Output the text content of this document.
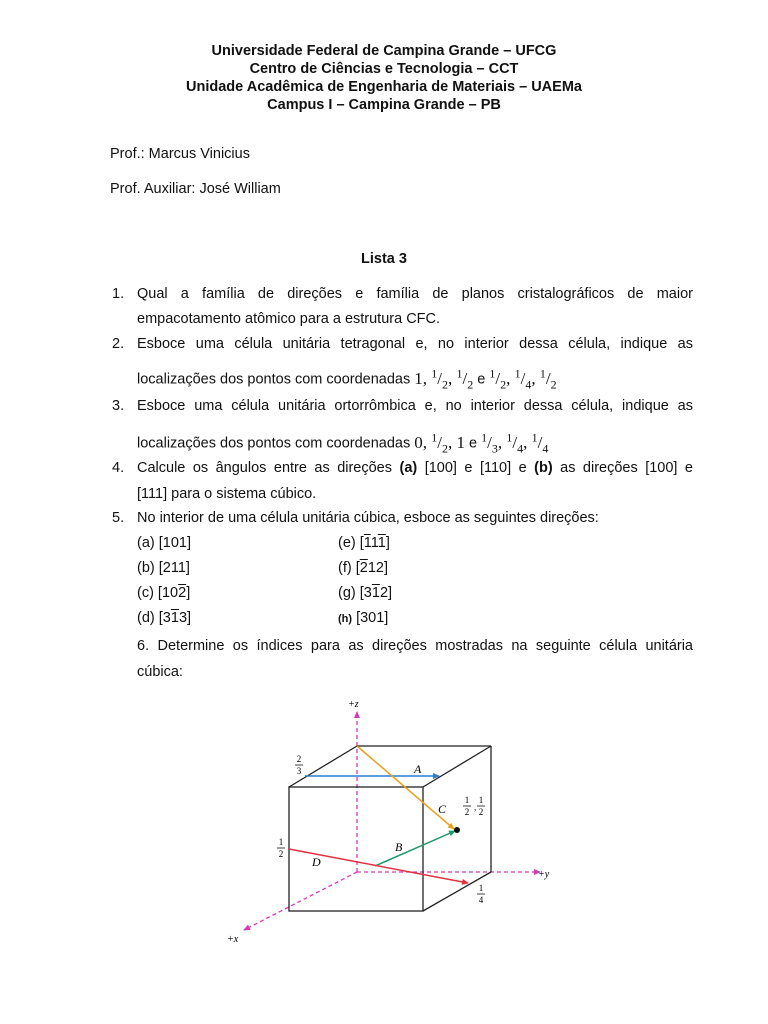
Universidade Federal de Campina Grande – UFCG
Centro de Ciências e Tecnologia – CCT
Unidade Acadêmica de Engenharia de Materiais – UAEMa
Campus I – Campina Grande – PB
Prof.: Marcus Vinicius
Prof. Auxiliar: José William
Lista 3
1. Qual a família de direções e família de planos cristalográficos de maior
empacotamento atômico para a estrutura CFC.
2. Esboce uma célula unitária tetragonal e, no interior dessa célula, indique as
localizações dos pontos com coordenadas 1, $^1/_2$, $^1/_2$ e $^1/_2$, $^1/_4$, $^1/_2$
3. Esboce uma célula unitária ortorrômbica e, no interior dessa célula, indique as
localizações dos pontos com coordenadas 0, $^1/_2$, 1 e $^1/_3$, $^1/_4$, $^1/_4$
4. Calcule os ângulos entre as direções (a) [100] e [110] e (b) as direções [100] e
[111] para o sistema cúbico.
5. No interior de uma célula unitária cúbica, esboce as seguintes direções:
(a) [101]
(b) [211]
(c) [102]
(d) [313]
(e) [111]
(f) [212]
(g) [312]
(h) [301]
6. Determine os índices para as direções mostradas na seguinte célula unitária
cúbica:
+z
+y
+x
A
B
C
D
2
3
1
2
1
4
1
2 ,
1
2
